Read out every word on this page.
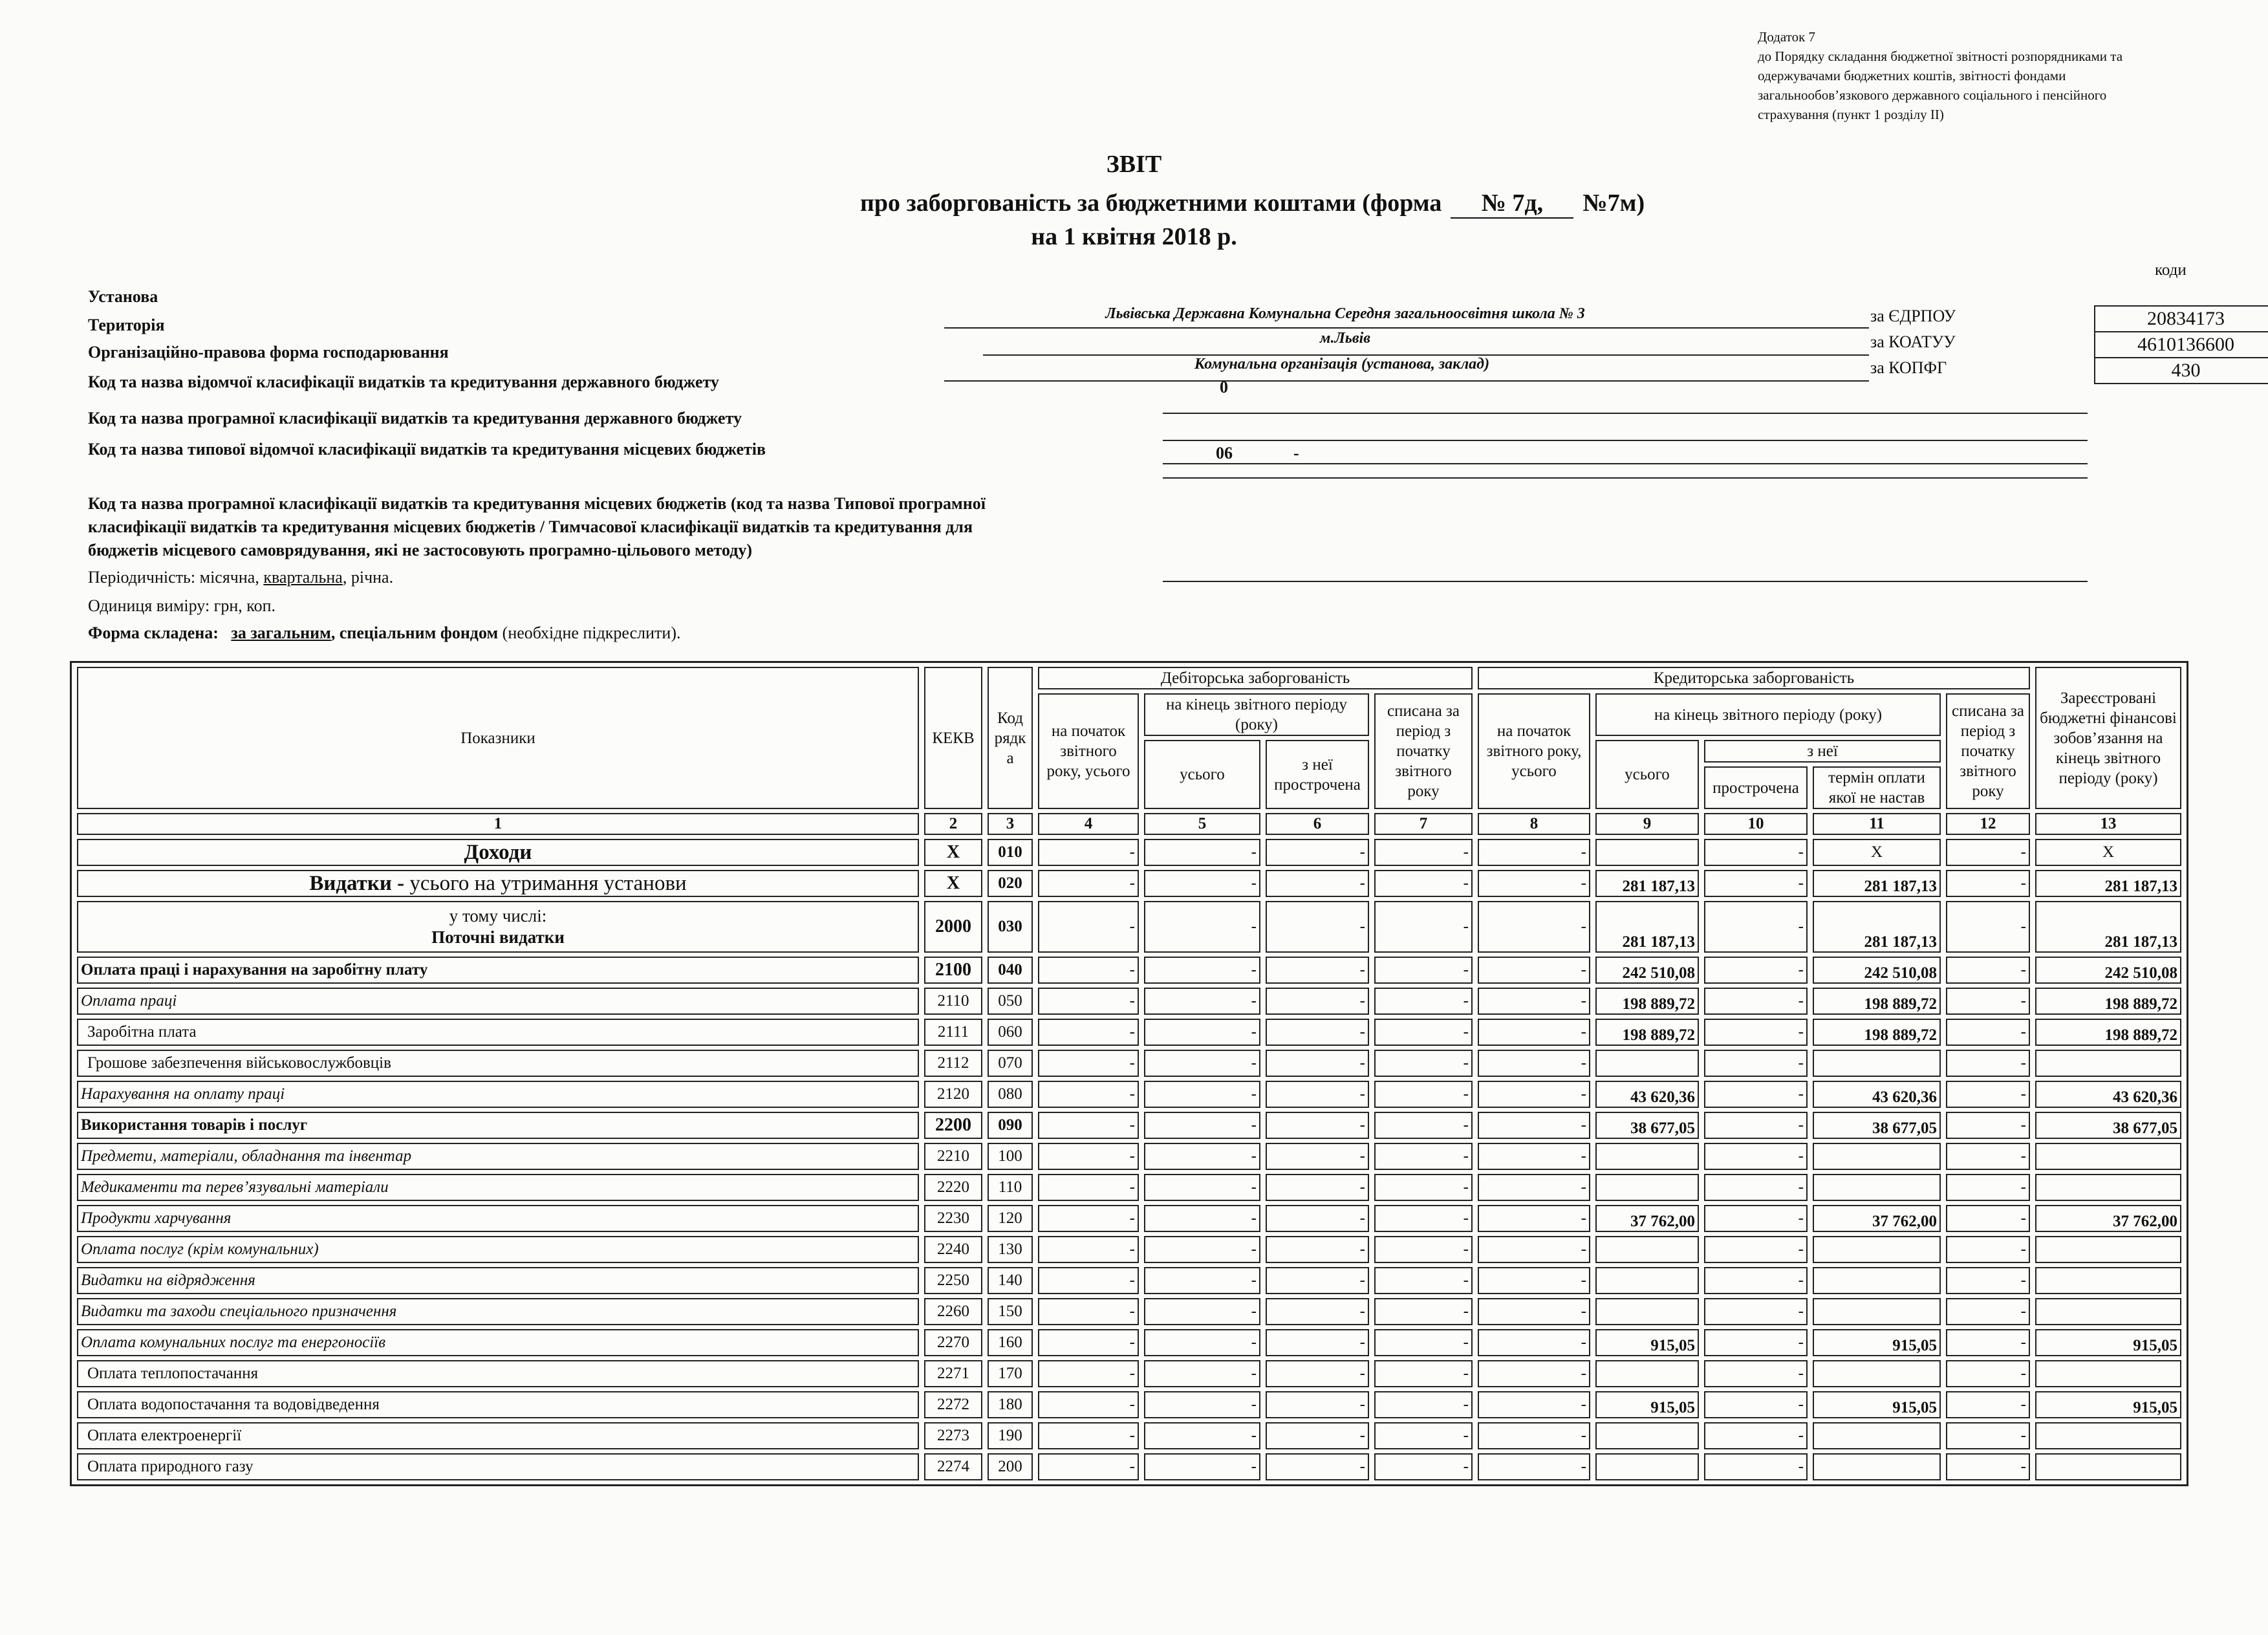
Додаток 7
до Порядку складання бюджетної звітності розпорядниками та
одержувачами бюджетних коштів, звітності фондами
загальнообов’язкового державного соціального і пенсійного
страхування (пункт 1 розділу ІІ)
ЗВІТ
про заборгованість за бюджетними коштами (форма № 7д, №7м)
на 1 квітня 2018 р.
коди
20834173
4610136600
430
за ЄДРПОУ
за КОАТУУ
за КОПФГ
Установа
Територія
Організаційно-правова форма господарювання
Код та назва відомчої класифікації видатків та кредитування державного бюджету
Код та назва програмної класифікації видатків та кредитування державного бюджету
Код та назва типової відомчої класифікації видатків та кредитування місцевих бюджетів
Код та назва програмної класифікації видатків та кредитування місцевих бюджетів (код та назва Типової програмної
класифікації видатків та кредитування місцевих бюджетів / Тимчасової класифікації видатків та кредитування для
бюджетів місцевого самоврядування, які не застосовують програмно-цільового методу)
Львівська Державна Комунальна Середня загальноосвітня школа № 3
м.Львів
Комунальна організація (установа, заклад)
0
06	-
Періодичність: місячна, квартальна, річна.
Одиниця виміру: грн, коп.
Форма складена: за загальним, спеціальним фондом (необхідне підкреслити).
Показники	КЕКВ	Код рядк а	Дебіторська заборгованість				Кредиторська заборгованість					Зареєстровані бюджетні фінансові зобов’язання на кінець звітного періоду (року)
			на початок звітного року, усього	на кінець звітного періоду (року)		списана за період з початку звітного року	на початок звітного року, усього	на кінець звітного періоду (року)			списана за період з початку звітного року	
				усього	з неї прострочена			усього	з неї			
									прострочена	термін оплати якої не настав		
1	2	3	4	5	6	7	8	9	10	11	12	13
Доходи	Х	010	-	-	-	-	-		-	Х	-	Х
Видатки - усього на утримання установи	Х	020	-	-	-	-	-	281 187,13	-	281 187,13	-	281 187,13

у тому числі:
Поточні видатки	2000	030	-	-	-	-	-	281 187,13	-	281 187,13	-	281 187,13
Оплата праці і нарахування на заробітну плату	2100	040	-	-	-	-	-	242 510,08	-	242 510,08	-	242 510,08
Оплата праці	2110	050	-	-	-	-	-	198 889,72	-	198 889,72	-	198 889,72
Заробітна плата	2111	060	-	-	-	-	-	198 889,72	-	198 889,72	-	198 889,72
Грошове забезпечення військовослужбовців	2112	070	-	-	-	-	-		-		-	
Нарахування на оплату праці	2120	080	-	-	-	-	-	43 620,36	-	43 620,36	-	43 620,36
Використання товарів і послуг	2200	090	-	-	-	-	-	38 677,05	-	38 677,05	-	38 677,05
Предмети, матеріали, обладнання та інвентар	2210	100	-	-	-	-	-		-		-	
Медикаменти та перев’язувальні матеріали	2220	110	-	-	-	-	-		-		-	
Продукти харчування	2230	120	-	-	-	-	-	37 762,00	-	37 762,00	-	37 762,00
Оплата послуг (крім комунальних)	2240	130	-	-	-	-	-		-		-	
Видатки на відрядження	2250	140	-	-	-	-	-		-		-	
Видатки та заходи спеціального призначення	2260	150	-	-	-	-	-		-		-	
Оплата комунальних послуг та енергоносіїв	2270	160	-	-	-	-	-	915,05	-	915,05	-	915,05
Оплата теплопостачання	2271	170	-	-	-	-	-		-		-	
Оплата водопостачання та водовідведення	2272	180	-	-	-	-	-	915,05	-	915,05	-	915,05
Оплата електроенергії	2273	190	-	-	-	-	-		-		-	
Оплата природного газу	2274	200	-	-	-	-	-		-		-	
